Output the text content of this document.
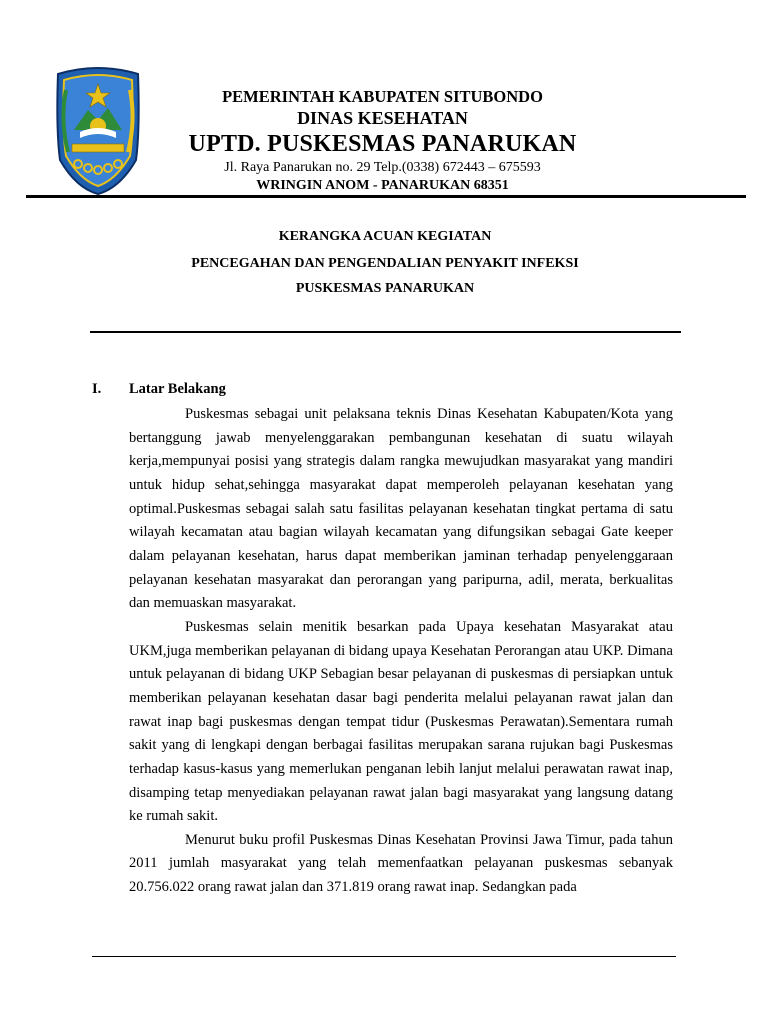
PEMERINTAH KABUPATEN SITUBONDO
DINAS KESEHATAN
UPTD. PUSKESMAS PANARUKAN
Jl. Raya Panarukan no. 29 Telp.(0338) 672443 – 675593
WRINGIN ANOM - PANARUKAN 68351
KERANGKA ACUAN KEGIATAN
PENCEGAHAN DAN PENGENDALIAN PENYAKIT INFEKSI
PUSKESMAS PANARUKAN
I. Latar Belakang

Puskesmas sebagai unit pelaksana teknis Dinas Kesehatan Kabupaten/Kota yang bertanggung jawab menyelenggarakan pembangunan kesehatan di suatu wilayah kerja,mempunyai posisi yang strategis dalam rangka mewujudkan masyarakat yang mandiri untuk hidup sehat,sehingga masyarakat dapat memperoleh pelayanan kesehatan yang optimal.Puskesmas sebagai salah satu fasilitas pelayanan kesehatan tingkat pertama di satu wilayah kecamatan atau bagian wilayah kecamatan yang difungsikan sebagai Gate keeper dalam pelayanan kesehatan, harus dapat memberikan jaminan terhadap penyelenggaraan pelayanan kesehatan masyarakat dan perorangan yang paripurna, adil, merata, berkualitas dan memuaskan masyarakat.

Puskesmas selain menitik besarkan pada Upaya kesehatan Masyarakat atau UKM,juga memberikan pelayanan di bidang upaya Kesehatan Perorangan atau UKP. Dimana untuk pelayanan di bidang UKP Sebagian besar pelayanan di puskesmas di persiapkan untuk memberikan pelayanan kesehatan dasar bagi penderita melalui pelayanan rawat jalan dan rawat inap bagi puskesmas dengan tempat tidur (Puskesmas Perawatan).Sementara rumah sakit yang di lengkapi dengan berbagai fasilitas merupakan sarana rujukan bagi Puskesmas terhadap kasus-kasus yang memerlukan penganan lebih lanjut melalui perawatan rawat inap, disamping tetap menyediakan pelayanan rawat jalan bagi masyarakat yang langsung datang ke rumah sakit.

Menurut buku profil Puskesmas Dinas Kesehatan Provinsi Jawa Timur, pada tahun 2011 jumlah masyarakat yang telah memenfaatkan pelayanan puskesmas sebanyak 20.756.022 orang rawat jalan dan 371.819 orang rawat inap. Sedangkan pada
